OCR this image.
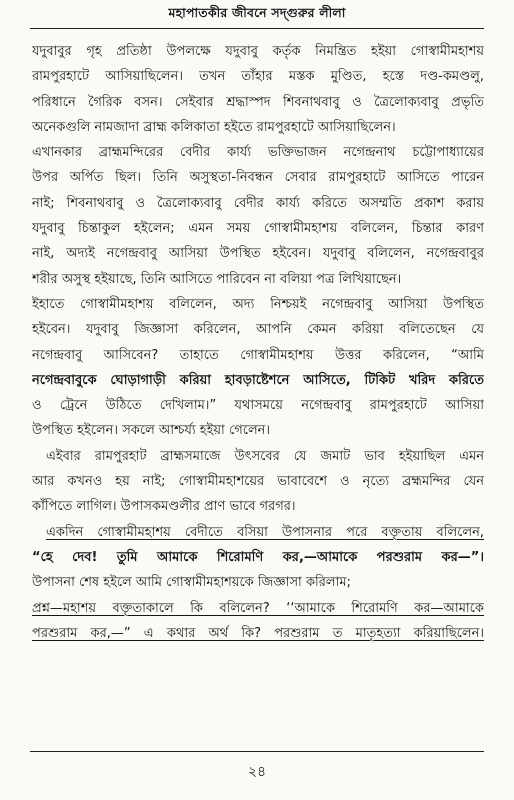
মহাপাতকীর জীবনে সদ্গুরুর লীলা
যদুবাবুর গৃহ প্রতিষ্ঠা উপলক্ষে যদুবাবু কর্তৃক নিমন্ত্রিত হইয়া গোস্বামীমহাশয়
রামপুরহাটে আসিয়াছিলেন। তখন তাঁহার মস্তক মুণ্ডিত, হস্তে দণ্ড-কমণ্ডলু,
পরিধানে গৈরিক বসন। সেইবার শ্রদ্ধাস্পদ শিবনাথবাবু ও ত্রৈলোক্যবাবু প্রভৃতি
অনেকগুলি নামজাদা ব্রাহ্ম কলিকাতা হইতে রামপুরহাটে আসিয়াছিলেন।
এখানকার ব্রাহ্মমন্দিরের বেদীর কার্য্য ভক্তিভাজন নগেন্দ্রনাথ চট্টোপাধ্যায়ের
উপর অর্পিত ছিল। তিনি অসুস্থতা-নিবন্ধন সেবার রামপুরহাটে আসিতে পারেন
নাই; শিবনাথবাবু ও ত্রৈলোক্যবাবু বেদীর কার্য্য করিতে অসম্মতি প্রকাশ করায়
যদুবাবু চিন্তাকুল হইলেন; এমন সময় গোস্বামীমহাশয় বলিলেন, চিন্তার কারণ
নাই, অদ্যই নগেন্দ্রবাবু আসিয়া উপস্থিত হইবেন। যদুবাবু বলিলেন, নগেন্দ্রবাবুর
শরীর অসুস্থ হইয়াছে, তিনি আসিতে পারিবেন না বলিয়া পত্র লিখিয়াছেন।
ইহাতে গোস্বামীমহাশয় বলিলেন, অদ্য নিশ্চয়ই নগেন্দ্রবাবু আসিয়া উপস্থিত
হইবেন। যদুবাবু জিজ্ঞাসা করিলেন, আপনি কেমন করিয়া বলিতেছেন যে
নগেন্দ্রবাবু আসিবেন? তাহাতে গোস্বামীমহাশয় উত্তর করিলেন, “আমি
নগেন্দ্রবাবুকে ঘোড়াগাড়ী করিয়া হাবড়াষ্টেশনে আসিতে, টিকিট খরিদ করিতে
ও ট্রেনে উঠিতে দেখিলাম।” যথাসময়ে নগেন্দ্রবাবু রামপুরহাটে আসিয়া
উপস্থিত হইলেন। সকলে আশ্চর্য্য হইয়া গেলেন।
এইবার রামপুরহাট ব্রাহ্মসমাজে উৎসবের যে জমাট ভাব হইয়াছিল এমন
আর কখনও হয় নাই; গোস্বামীমহাশয়ের ভাবাবেশে ও নৃত্যে ব্রহ্মমন্দির যেন
কাঁপিতে লাগিল। উপাসকমণ্ডলীর প্রাণ ভাবে গরগর।
একদিন গোস্বামীমহাশয় বেদীতে বসিয়া উপাসনার পরে বক্তৃতায় বলিলেন,
“হে দেব! তুমি আমাকে শিরোমণি কর,—আমাকে পরশুরাম কর—”।
উপাসনা শেষ হইলে আমি গোস্বামীমহাশয়কে জিজ্ঞাসা করিলাম;
প্রশ্ন—মহাশয় বক্তৃতাকালে কি বলিলেন? ‘‘আমাকে শিরোমণি কর—আমাকে
পরশুরাম কর,—” এ কথার অর্থ কি? পরশুরাম ত মাতৃহত্যা করিয়াছিলেন।
২৪
